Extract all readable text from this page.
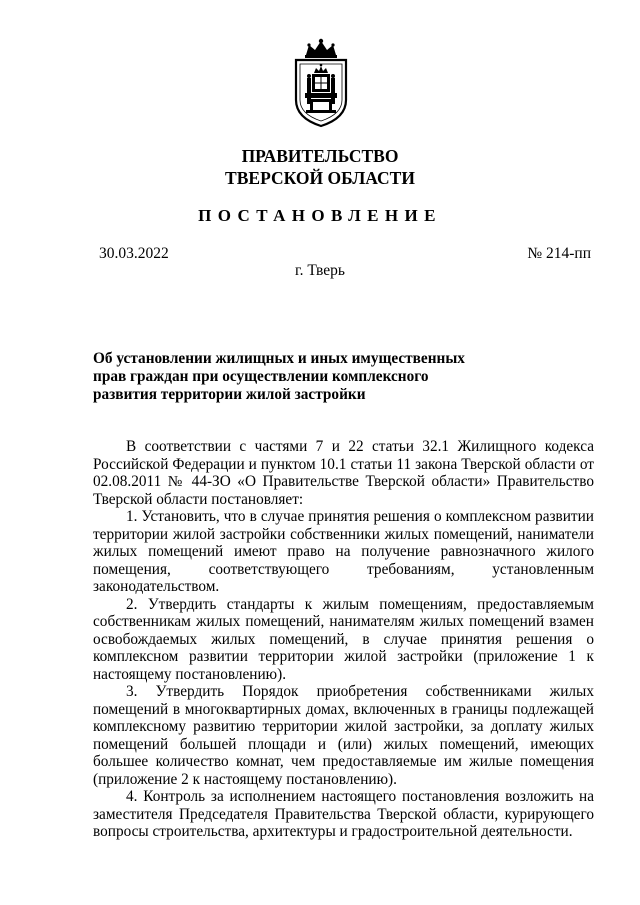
ПРАВИТЕЛЬСТВО
ТВЕРСКОЙ ОБЛАСТИ
ПОСТАНОВЛЕНИЕ
30.03.2022	№ 214-пп
г. Тверь
Об установлении жилищных и иных имущественных
прав граждан при осуществлении комплексного
развития территории жилой застройки

В соответствии с частями 7 и 22 статьи 32.1 Жилищного кодекса Российской Федерации и пунктом 10.1 статьи 11 закона Тверской области от 02.08.2011 № 44-ЗО «О Правительстве Тверской области» Правительство Тверской области постановляет:

1. Установить, что в случае принятия решения о комплексном развитии территории жилой застройки собственники жилых помещений, наниматели жилых помещений имеют право на получение равнозначного жилого помещения, соответствующего требованиям, установленным законодательством.

2. Утвердить стандарты к жилым помещениям, предоставляемым собственникам жилых помещений, нанимателям жилых помещений взамен освобождаемых жилых помещений, в случае принятия решения о комплексном развитии территории жилой застройки (приложение 1 к настоящему постановлению).

3. Утвердить Порядок приобретения собственниками жилых помещений в многоквартирных домах, включенных в границы подлежащей комплексному развитию территории жилой застройки, за доплату жилых помещений большей площади и (или) жилых помещений, имеющих большее количество комнат, чем предоставляемые им жилые помещения (приложение 2 к настоящему постановлению).

4. Контроль за исполнением настоящего постановления возложить на заместителя Председателя Правительства Тверской области, курирующего вопросы строительства, архитектуры и градостроительной деятельности.
